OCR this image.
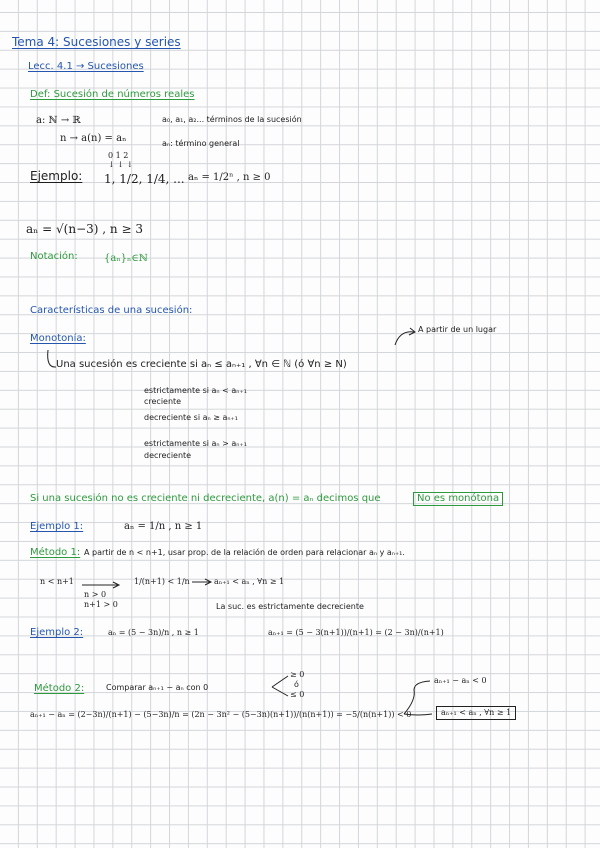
Tema 4: Sucesiones y series
Lecc. 4.1 → Sucesiones
Def: Sucesión de números reales
a: ℕ → ℝ
n → a(n) = aₙ
a₀, a₁, a₂... términos de la sucesión
aₙ: término general
Ejemplo:
0 1 2
↓ ↓ ↓
1, 1/2, 1/4, ... aₙ = 1/2ⁿ , n ≥ 0
aₙ = √(n−3) , n ≥ 3
Notación:	{aₙ}ₙ∈ℕ
Características de una sucesión:
Monotonía:
A partir de un lugar
Una sucesión es creciente si aₙ ≤ aₙ₊₁ , ∀n ∈ ℕ (ó ∀n ≥ N)
estrictamente si aₙ < aₙ₊₁
creciente
decreciente si aₙ ≥ aₙ₊₁
estrictamente si aₙ > aₙ₊₁
decreciente
Si una sucesión no es creciente ni decreciente, a(n) = aₙ decimos que	No es monótona
Ejemplo 1:	aₙ = 1/n , n ≥ 1
Método 1: A partir de n < n+1, usar prop. de la relación de orden para relacionar aₙ y aₙ₊₁.
n < n+1
n > 0
n+1 > 0
1/(n+1) < 1/n	aₙ₊₁ < aₙ , ∀n ≥ 1
La suc. es estrictamente decreciente
Ejemplo 2:	aₙ = (5 − 3n)/n , n ≥ 1	aₙ₊₁ = (5 − 3(n+1))/(n+1) = (2 − 3n)/(n+1)
Método 2:	Comparar aₙ₊₁ − aₙ con 0
≥ 0
ó
≤ 0
aₙ₊₁ − aₙ = (2−3n)/(n+1) − (5−3n)/n = (2n − 3n² − (5−3n)(n+1))/(n(n+1)) = −5/(n(n+1)) < 0
aₙ₊₁ − aₙ < 0
aₙ₊₁ < aₙ , ∀n ≥ 1
